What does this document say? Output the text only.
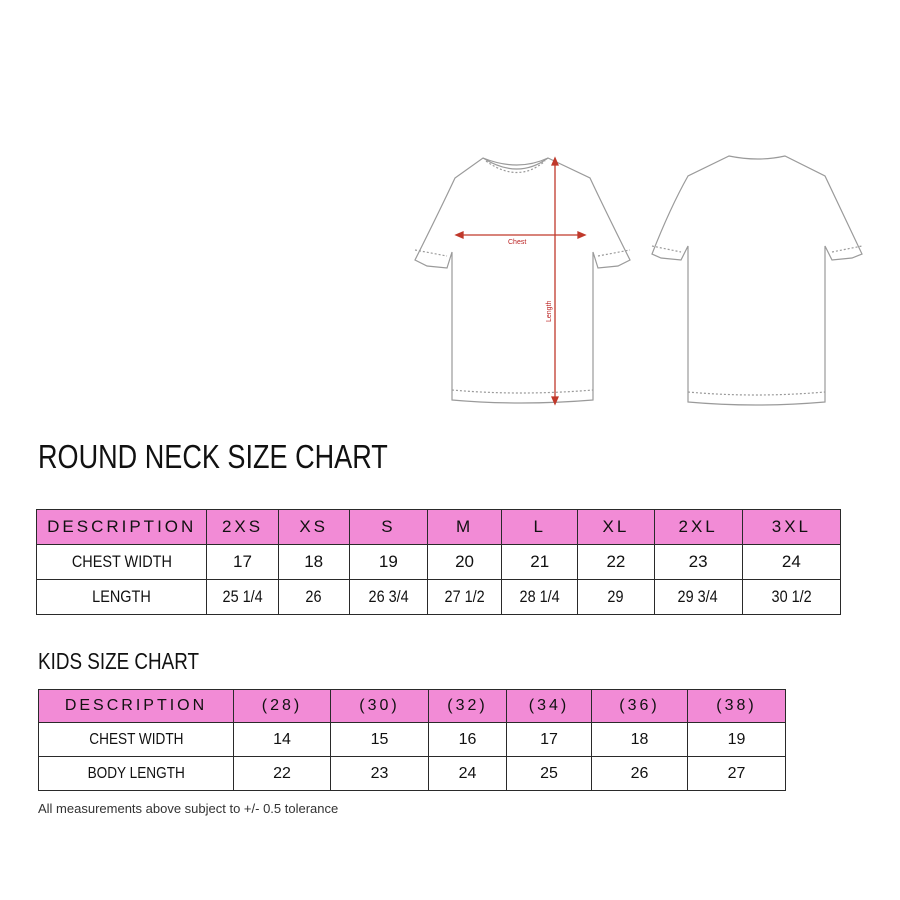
Chest
Length
ROUND NECK SIZE CHART
DESCRIPTION	2XS	XS	S	M	L	XL	2XL	3XL
CHEST WIDTH	17	18	19	20	21	22	23	24
LENGTH	25 1/4	26	26 3/4	27 1/2	28 1/4	29	29 3/4	30 1/2
KIDS SIZE CHART
DESCRIPTION	(28)	(30)	(32)	(34)	(36)	(38)
CHEST WIDTH	14	15	16	17	18	19
BODY LENGTH	22	23	24	25	26	27

All measurements above subject to +/- 0.5 tolerance
